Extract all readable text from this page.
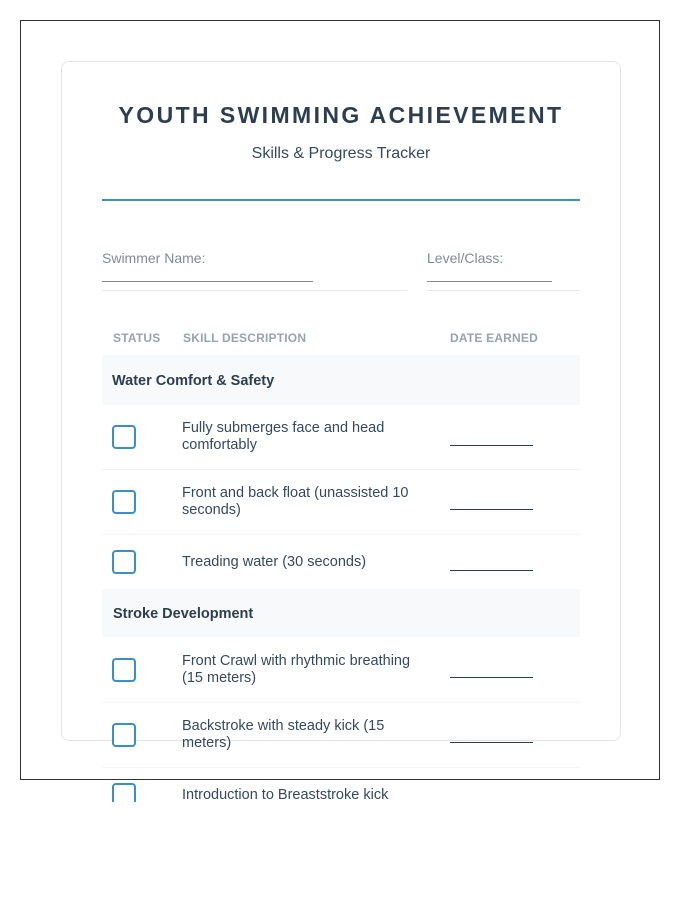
YOUTH SWIMMING ACHIEVEMENT
Skills & Progress Tracker
Swimmer Name:	Level/Class:
STATUS SKILL DESCRIPTION	DATE EARNED
Water Comfort & Safety
Fully submerges face and head comfortably
Front and back float (unassisted 10 seconds)
Treading water (30 seconds)
Stroke Development
Front Crawl with rhythmic breathing (15 meters)
Backstroke with steady kick (15 meters)
Introduction to Breaststroke kick
